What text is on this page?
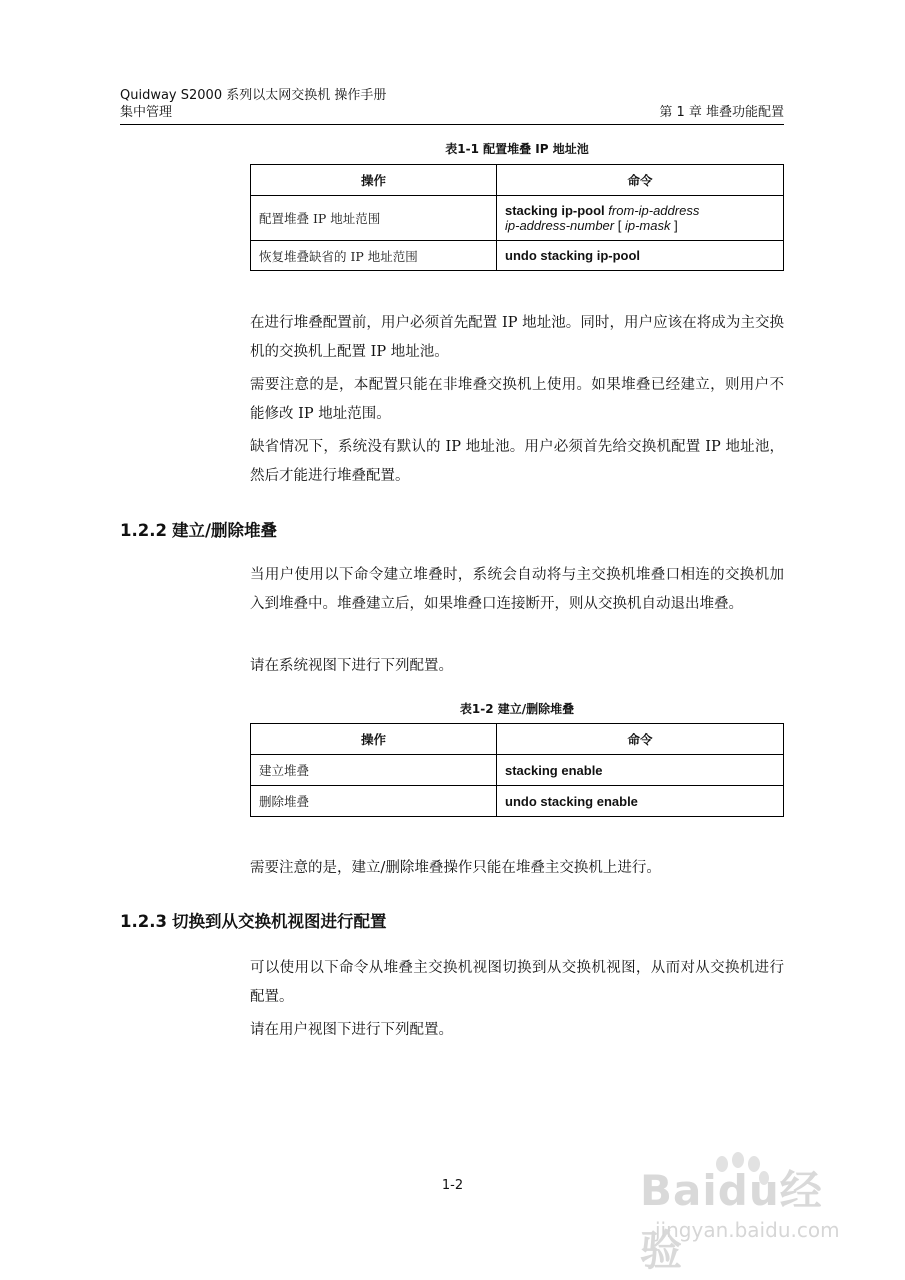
Quidway S2000 系列以太网交换机 操作手册
集中管理	第 1 章 堆叠功能配置
表1-1 配置堆叠 IP 地址池
操作	命令
配置堆叠 IP 地址范围	stacking ip-pool from-ip-address
ip-address-number [ ip-mask ]
恢复堆叠缺省的 IP 地址范围	undo stacking ip-pool

在进行堆叠配置前，用户必须首先配置 IP 地址池。同时，用户应该在将成为主交换机的交换机上配置 IP 地址池。

需要注意的是，本配置只能在非堆叠交换机上使用。如果堆叠已经建立，则用户不能修改 IP 地址范围。

缺省情况下，系统没有默认的 IP 地址池。用户必须首先给交换机配置 IP 地址池，然后才能进行堆叠配置。

1.2.2 建立/删除堆叠

当用户使用以下命令建立堆叠时，系统会自动将与主交换机堆叠口相连的交换机加入到堆叠中。堆叠建立后，如果堆叠口连接断开，则从交换机自动退出堆叠。

请在系统视图下进行下列配置。

表1-2 建立/删除堆叠
操作	命令
建立堆叠	stacking enable
删除堆叠	undo stacking enable

需要注意的是，建立/删除堆叠操作只能在堆叠主交换机上进行。

1.2.3 切换到从交换机视图进行配置

可以使用以下命令从堆叠主交换机视图切换到从交换机视图，从而对从交换机进行配置。

请在用户视图下进行下列配置。

1-2	Baidu经验
jingyan.baidu.com
